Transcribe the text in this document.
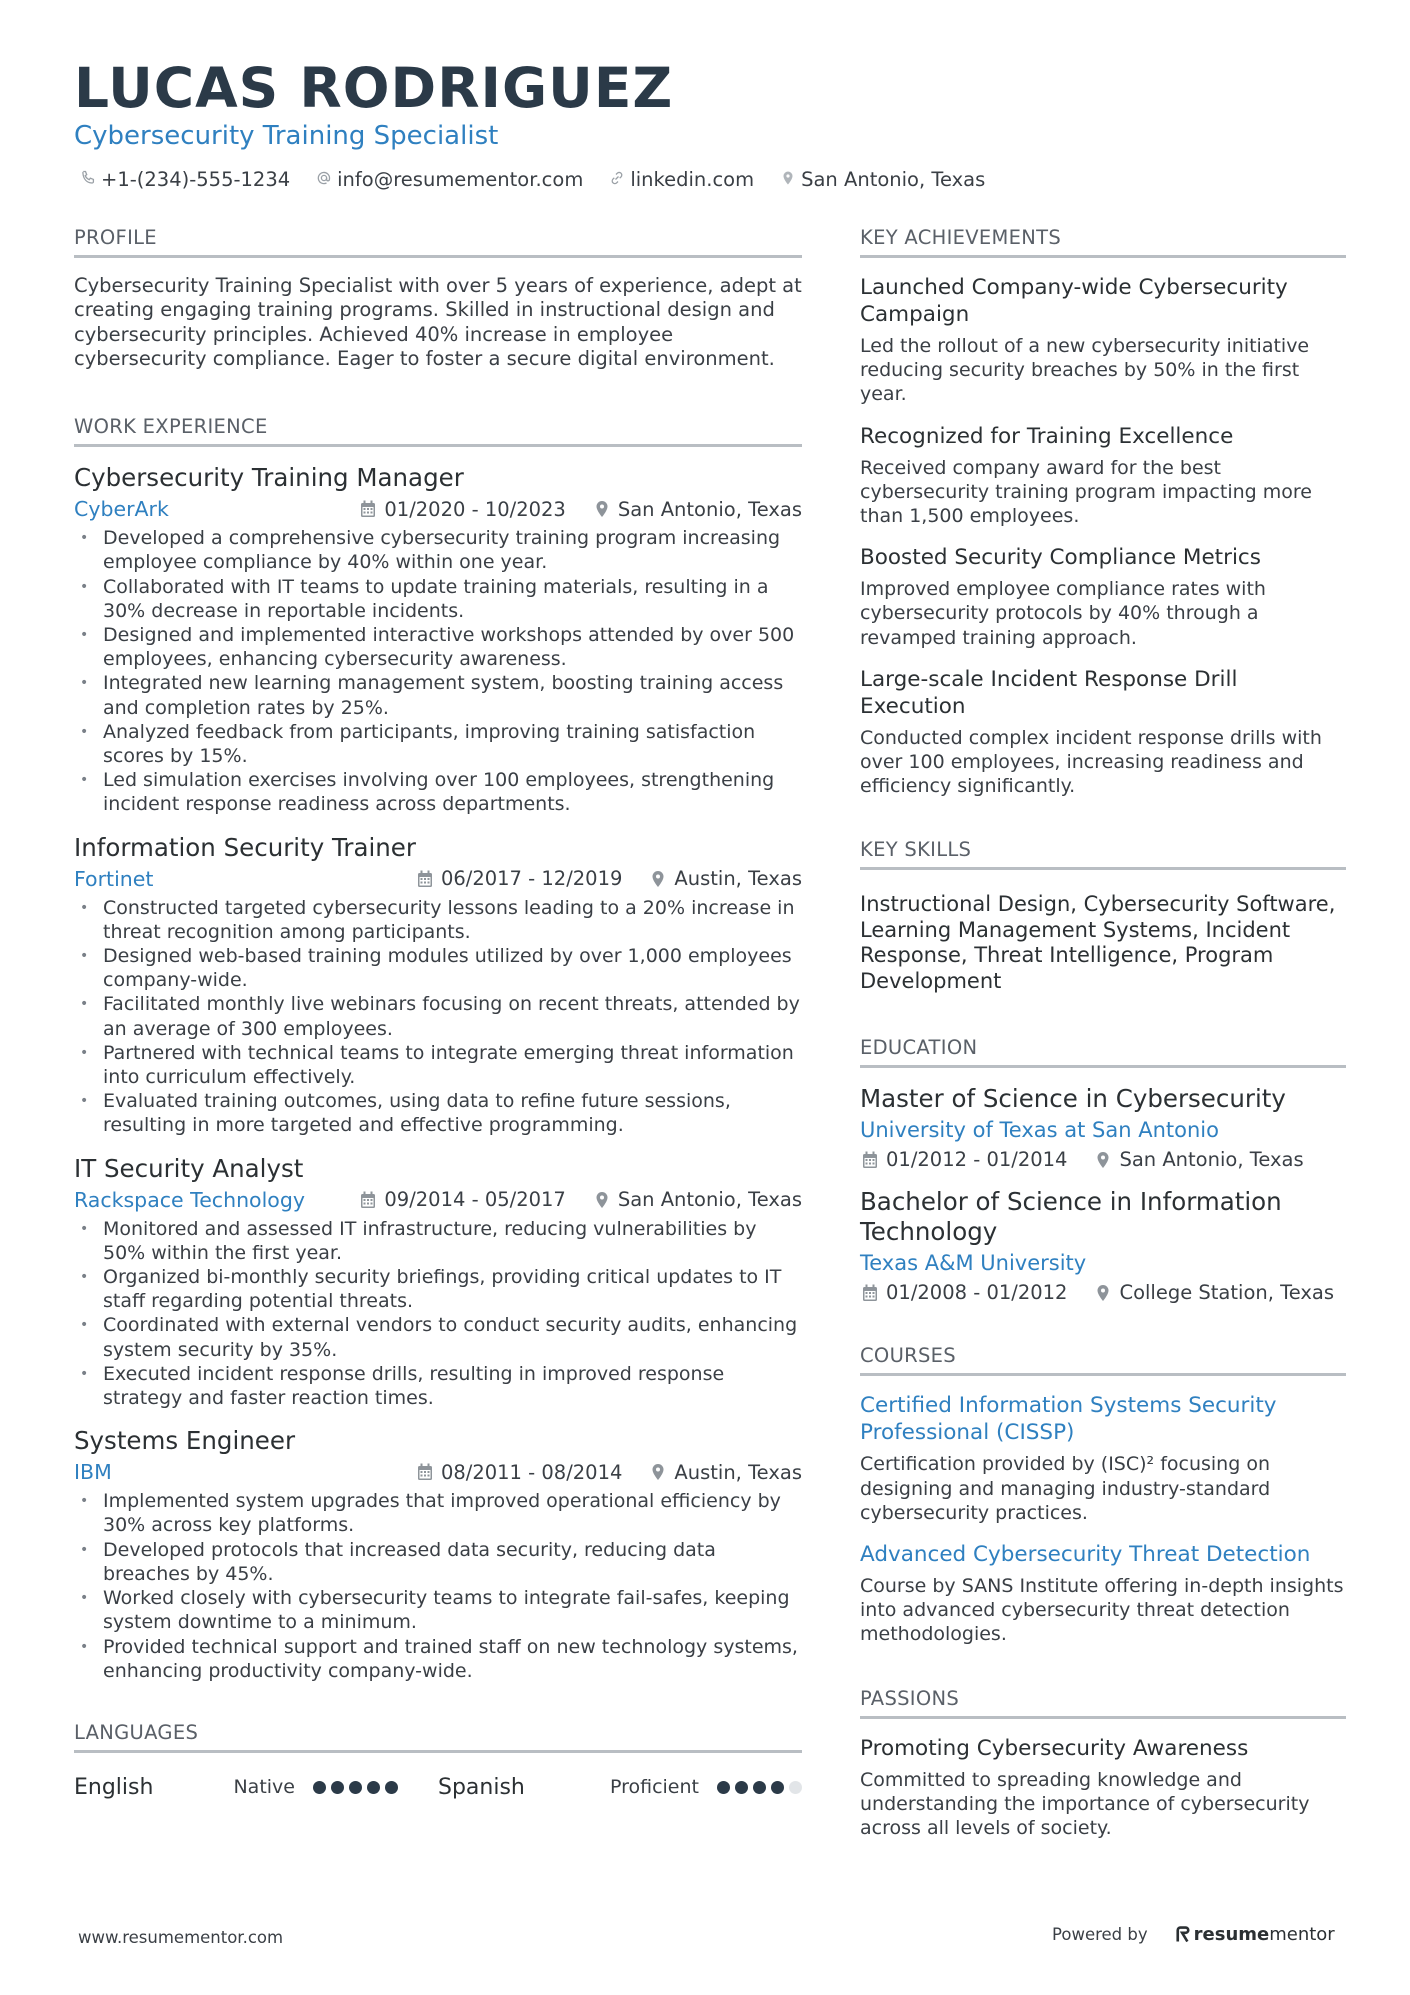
LUCAS RODRIGUEZ
Cybersecurity Training Specialist
+1-(234)-555-1234 info@resumementor.com linkedin.com San Antonio, Texas
PROFILE

Cybersecurity Training Specialist with over 5 years of experience, adept at creating engaging training programs. Skilled in instructional design and cybersecurity principles. Achieved 40% increase in employee cybersecurity compliance. Eager to foster a secure digital environment.

WORK EXPERIENCE
Cybersecurity Training Manager
CyberArk	01/2020 - 10/2023	San Antonio, Texas
• Developed a comprehensive cybersecurity training program increasing employee compliance by 40% within one year.
• Collaborated with IT teams to update training materials, resulting in a 30% decrease in reportable incidents.
• Designed and implemented interactive workshops attended by over 500 employees, enhancing cybersecurity awareness.
• Integrated new learning management system, boosting training access and completion rates by 25%.
• Analyzed feedback from participants, improving training satisfaction scores by 15%.
• Led simulation exercises involving over 100 employees, strengthening incident response readiness across departments.
Information Security Trainer
Fortinet	06/2017 - 12/2019	Austin, Texas
• Constructed targeted cybersecurity lessons leading to a 20% increase in threat recognition among participants.
• Designed web-based training modules utilized by over 1,000 employees company-wide.
• Facilitated monthly live webinars focusing on recent threats, attended by an average of 300 employees.
• Partnered with technical teams to integrate emerging threat information into curriculum effectively.
• Evaluated training outcomes, using data to refine future sessions, resulting in more targeted and effective programming.
IT Security Analyst
Rackspace Technology	09/2014 - 05/2017	San Antonio, Texas
• Monitored and assessed IT infrastructure, reducing vulnerabilities by 50% within the first year.
• Organized bi-monthly security briefings, providing critical updates to IT staff regarding potential threats.
• Coordinated with external vendors to conduct security audits, enhancing system security by 35%.
• Executed incident response drills, resulting in improved response strategy and faster reaction times.
Systems Engineer
IBM	08/2011 - 08/2014	Austin, Texas
• Implemented system upgrades that improved operational efficiency by 30% across key platforms.
• Developed protocols that increased data security, reducing data breaches by 45%.
• Worked closely with cybersecurity teams to integrate fail-safes, keeping system downtime to a minimum.
• Provided technical support and trained staff on new technology systems, enhancing productivity company-wide.
LANGUAGES
English	Native	Spanish	Proficient
KEY ACHIEVEMENTS
Launched Company-wide Cybersecurity Campaign
Led the rollout of a new cybersecurity initiative reducing security breaches by 50% in the first year.
Recognized for Training Excellence
Received company award for the best cybersecurity training program impacting more than 1,500 employees.
Boosted Security Compliance Metrics
Improved employee compliance rates with cybersecurity protocols by 40% through a revamped training approach.
Large-scale Incident Response Drill Execution
Conducted complex incident response drills with over 100 employees, increasing readiness and efficiency significantly.
KEY SKILLS
Instructional Design, Cybersecurity Software, Learning Management Systems, Incident Response, Threat Intelligence, Program Development
EDUCATION
Master of Science in Cybersecurity
University of Texas at San Antonio
01/2012 - 01/2014	San Antonio, Texas
Bachelor of Science in Information Technology
Texas A&M University
01/2008 - 01/2012	College Station, Texas
COURSES
Certified Information Systems Security Professional (CISSP)
Certification provided by (ISC)² focusing on designing and managing industry-standard cybersecurity practices.
Advanced Cybersecurity Threat Detection
Course by SANS Institute offering in-depth insights into advanced cybersecurity threat detection methodologies.
PASSIONS
Promoting Cybersecurity Awareness
Committed to spreading knowledge and understanding the importance of cybersecurity across all levels of society.
www.resumementor.com	Powered by	resume mentor
